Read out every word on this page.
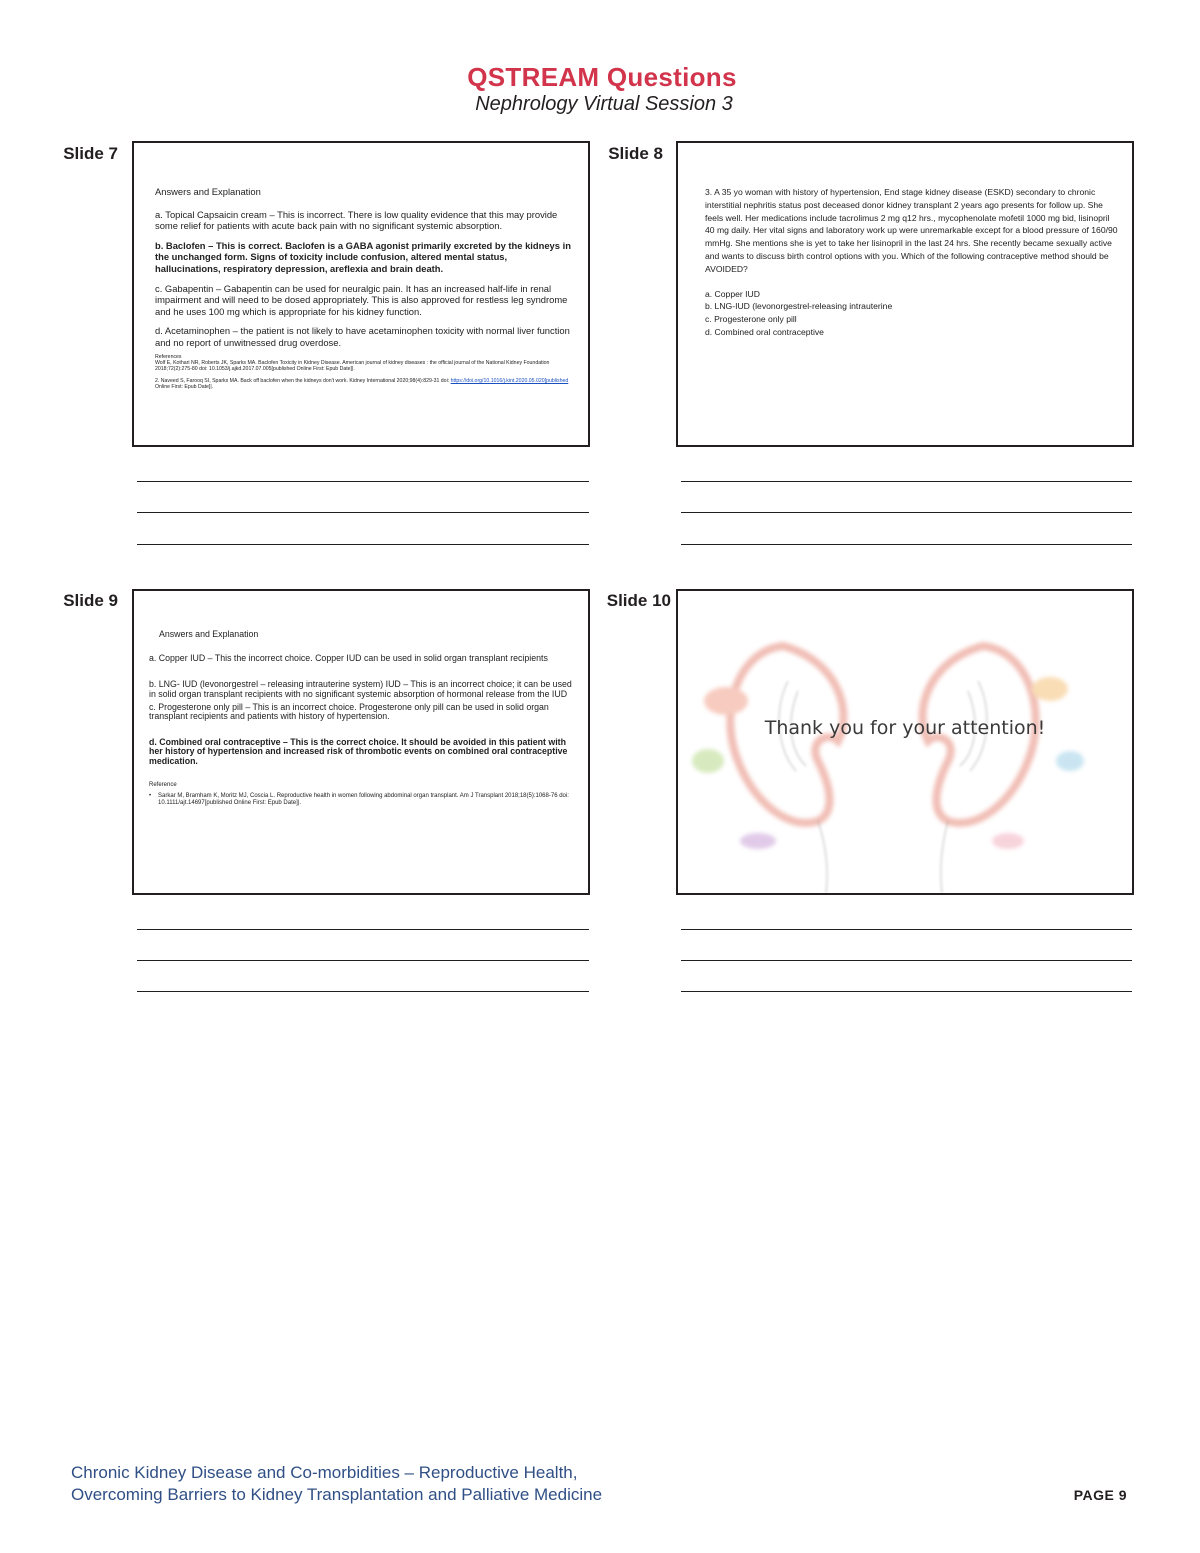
QSTREAM Questions
Nephrology Virtual Session 3
Slide 7

Answers and Explanation

a. Topical Capsaicin cream – This is incorrect. There is low quality evidence that this may provide some relief for patients with acute back pain with no significant systemic absorption.

b. Baclofen – This is correct. Baclofen is a GABA agonist primarily excreted by the kidneys in the unchanged form. Signs of toxicity include confusion, altered mental status, hallucinations, respiratory depression, areflexia and brain death.

c. Gabapentin – Gabapentin can be used for neuralgic pain. It has an increased half-life in renal impairment and will need to be dosed appropriately. This is also approved for restless leg syndrome and he uses 100 mg which is appropriate for his kidney function.

d. Acetaminophen – the patient is not likely to have acetaminophen toxicity with normal liver function and no report of unwitnessed drug overdose.

References
Wolf E, Kothari NR, Roberts JK, Sparks MA. Baclofen Toxicity in Kidney Disease. American journal of kidney diseases : the official journal of the National Kidney Foundation 2018;72(2):275-80 doi: 10.1053/j.ajkd.2017.07.005[published Online First: Epub Date]|.
2. Naveed S, Farooq SI, Sparks MA. Back off baclofen when the kidneys don't work. Kidney International 2020;98(4):829-31 doi: https://doi.org/10.1016/j.kint.2020.05.020[published Online First: Epub Date]|.
Slide 8

3. A 35 yo woman with history of hypertension, End stage kidney disease (ESKD) secondary to chronic interstitial nephritis status post deceased donor kidney transplant 2 years ago presents for follow up. She feels well. Her medications include tacrolimus 2 mg q12 hrs., mycophenolate mofetil 1000 mg bid, lisinopril 40 mg daily. Her vital signs and laboratory work up were unremarkable except for a blood pressure of 160/90 mmHg. She mentions she is yet to take her lisinopril in the last 24 hrs. She recently became sexually active and wants to discuss birth control options with you. Which of the following contraceptive method should be AVOIDED?

a. Copper IUD
b. LNG-IUD (levonorgestrel-releasing intrauterine
c. Progesterone only pill
d. Combined oral contraceptive
Slide 9

Answers and Explanation

a. Copper IUD – This the incorrect choice. Copper IUD can be used in solid organ transplant recipients

b. LNG- IUD (levonorgestrel – releasing intrauterine system) IUD – This is an incorrect choice; it can be used in solid organ transplant recipients with no significant systemic absorption of hormonal release from the IUD

c. Progesterone only pill – This is an incorrect choice. Progesterone only pill can be used in solid organ transplant recipients and patients with history of hypertension.

d. Combined oral contraceptive – This is the correct choice. It should be avoided in this patient with her history of hypertension and increased risk of thrombotic events on combined oral contraceptive medication.

Reference
•	Sarkar M, Bramham K, Moritz MJ, Coscia L. Reproductive health in women following abdominal organ transplant. Am J Transplant 2018;18(5):1068-76 doi: 10.1111/ajt.14697[published Online First: Epub Date]|.
Slide 10
Thank you for your attention!
Chronic Kidney Disease and Co-morbidities – Reproductive Health,
Overcoming Barriers to Kidney Transplantation and Palliative Medicine	PAGE 9
